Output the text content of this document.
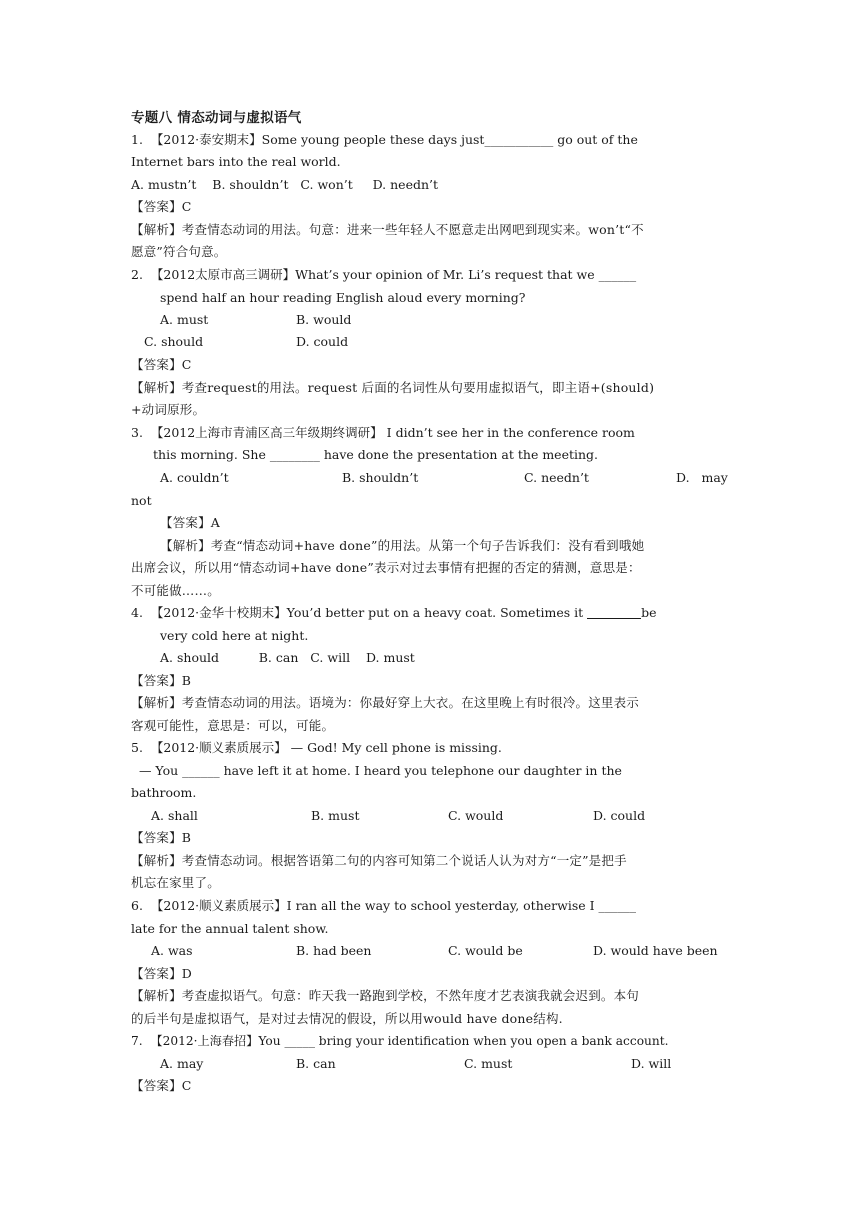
专题八 情态动词与虚拟语气
1.  【2012·泰安期末】Some young people these days just___________ go out of the
Internet bars into the real world.
A. mustn’t    B. shouldn’t   C. won’t     D. needn’t
【答案】C
【解析】考查情态动词的用法。句意：进来一些年轻人不愿意走出网吧到现实来。won’t“不
愿意”符合句意。
2.  【2012太原市高三调研】What’s your opinion of Mr. Li’s request that we ______
spend half an hour reading English aloud every morning?
A. must	B. would
C. should	D. could
【答案】C
【解析】考查request的用法。request 后面的名词性从句要用虚拟语气，即主语+(should)
+动词原形。
3.  【2012上海市青浦区高三年级期终调研】 I didn’t see her in the conference room
this morning. She ________ have done the presentation at the meeting.
A. couldn’t	B. shouldn’t	C. needn’t	D.   may
not
【答案】A
【解析】考查“情态动词+have done”的用法。从第一个句子告诉我们：没有看到哦她
出席会议，所以用“情态动词+have done”表示对过去事情有把握的否定的猜测，意思是：
不可能做……。
4.  【2012·金华十校期末】You’d better put on a heavy coat. Sometimes it	be
very cold here at night.
A. should          B. can   C. will    D. must
【答案】B
【解析】考查情态动词的用法。语境为：你最好穿上大衣。在这里晚上有时很冷。这里表示
客观可能性，意思是：可以，可能。
5.  【2012·顺义素质展示】 — God! My cell phone is missing.
— You ______ have left it at home. I heard you telephone our daughter in the
bathroom.
A. shall	B. must	C. would	D. could
【答案】B
【解析】考查情态动词。根据答语第二句的内容可知第二个说话人认为对方“一定”是把手
机忘在家里了。
6.  【2012·顺义素质展示】I ran all the way to school yesterday, otherwise I ______
late for the annual talent show.
A. was	B. had been	C. would be	D. would have been
【答案】D
【解析】考查虚拟语气。句意：昨天我一路跑到学校，不然年度才艺表演我就会迟到。本句
的后半句是虚拟语气，是对过去情况的假设，所以用would have done结构.
7.  【2012·上海春招】You _____ bring your identification when you open a bank account.
A. may	B. can	C. must	D. will
【答案】C
